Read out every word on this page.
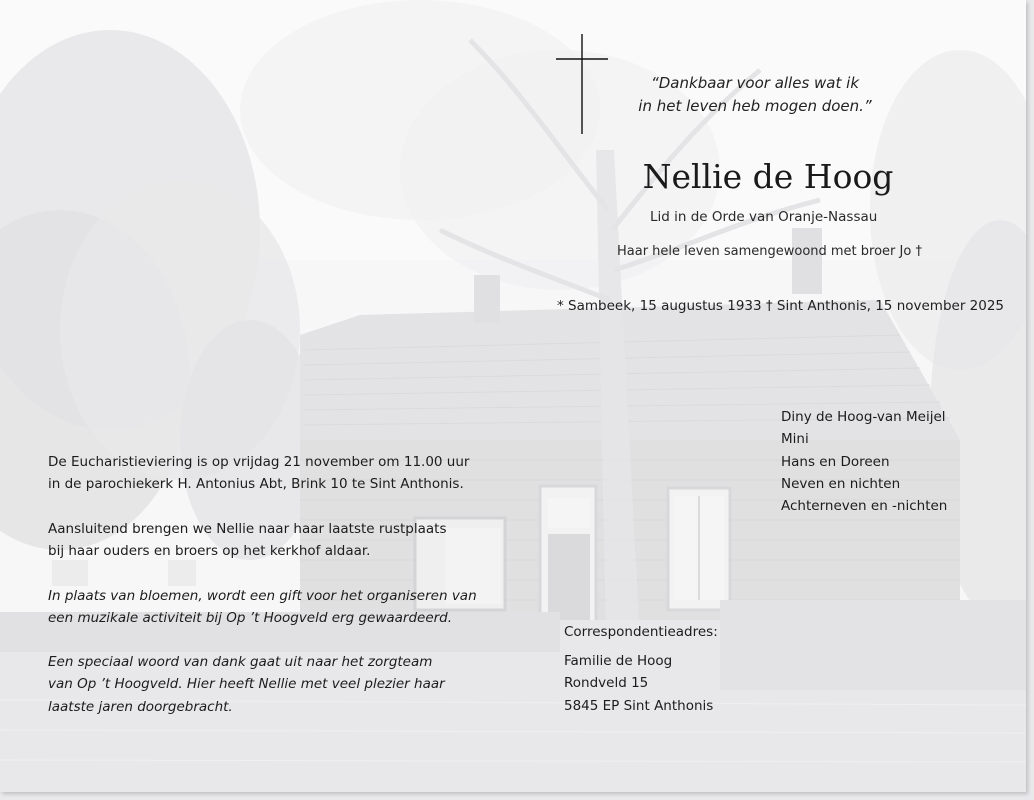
“Dankbaar voor alles wat ik
in het leven heb mogen doen.”
Nellie de Hoog
Lid in de Orde van Oranje-Nassau
Haar hele leven samengewoond met broer Jo †
* Sambeek, 15 augustus 1933 † Sint Anthonis, 15 november 2025
Diny de Hoog-van Meijel
Mini
Hans en Doreen
Neven en nichten
Achterneven en -nichten
De Eucharistieviering is op vrijdag 21 november om 11.00 uur
in de parochiekerk H. Antonius Abt, Brink 10 te Sint Anthonis.
Aansluitend brengen we Nellie naar haar laatste rustplaats
bij haar ouders en broers op het kerkhof aldaar.
In plaats van bloemen, wordt een gift voor het organiseren van
een muzikale activiteit bij Op ’t Hoogveld erg gewaardeerd.
Een speciaal woord van dank gaat uit naar het zorgteam
van Op ’t Hoogveld. Hier heeft Nellie met veel plezier haar
laatste jaren doorgebracht.
Correspondentieadres:
Familie de Hoog
Rondveld 15
5845 EP Sint Anthonis
